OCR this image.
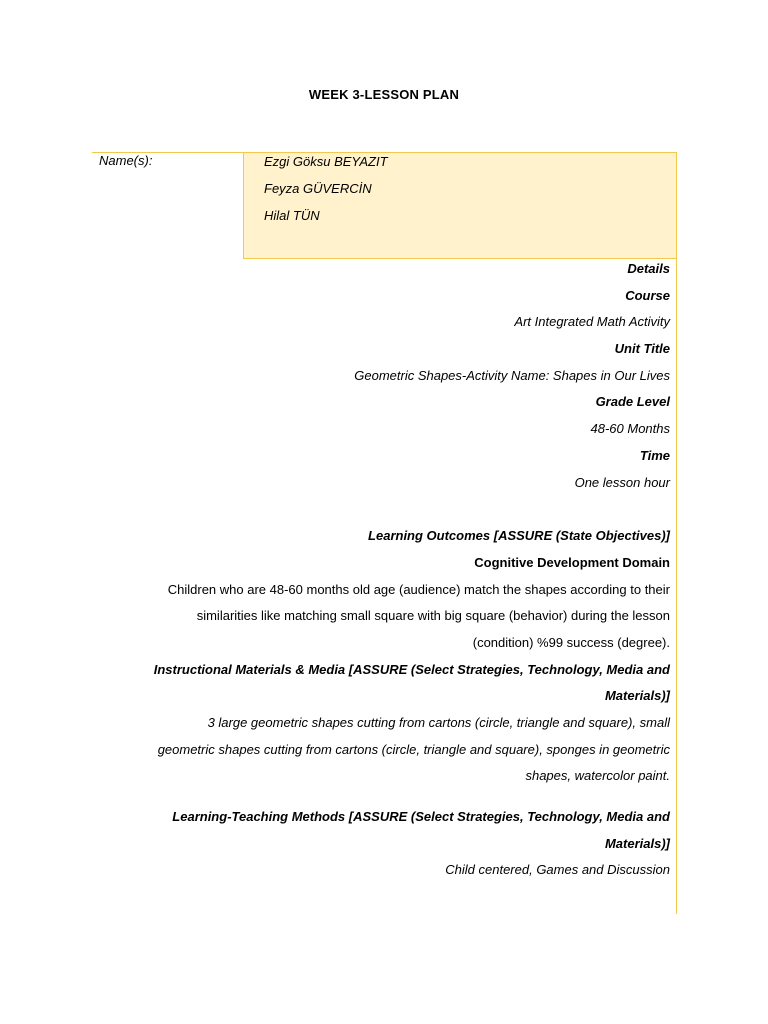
WEEK 3-LESSON PLAN
Name(s):	Ezgi Göksu BEYAZIT
Feyza GÜVERCİN
Hilal TÜN
Details
Course
Art Integrated Math Activity
Unit Title
Geometric Shapes-Activity Name: Shapes in Our Lives
Grade Level
48-60 Months
Time
One lesson hour
Learning Outcomes [ASSURE (State Objectives)]
Cognitive Development Domain
Children who are 48-60 months old age (audience) match the shapes according to their
similarities like matching small square with big square (behavior) during the lesson
(condition) %99 success (degree).
Instructional Materials & Media [ASSURE (Select Strategies, Technology, Media and
Materials)]
3 large geometric shapes cutting from cartons (circle, triangle and square), small
geometric shapes cutting from cartons (circle, triangle and square), sponges in geometric
shapes, watercolor paint.
Learning-Teaching Methods [ASSURE (Select Strategies, Technology, Media and
Materials)]
Child centered, Games and Discussion
